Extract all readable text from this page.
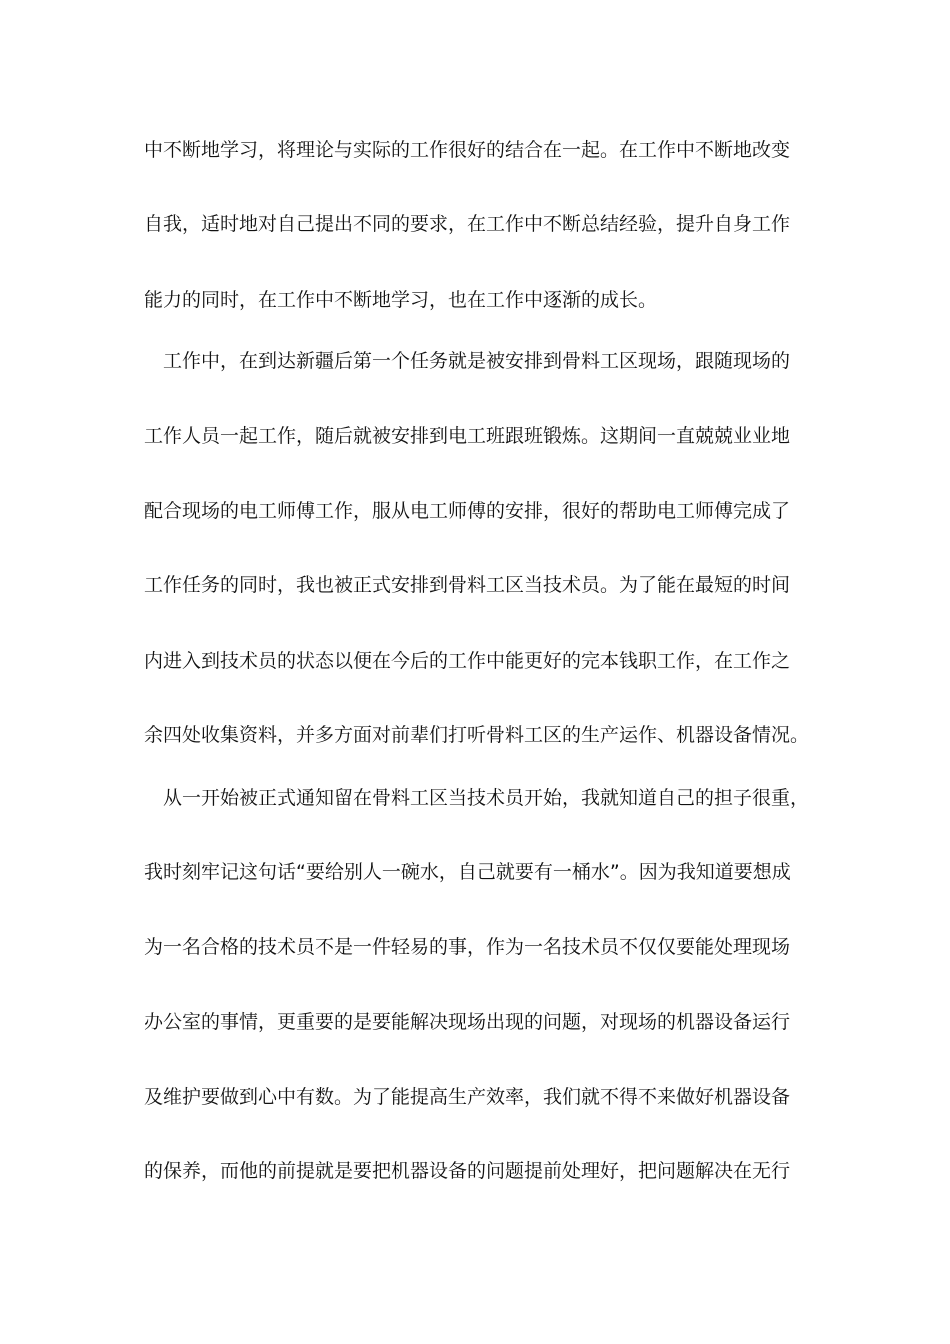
中不断地学习，将理论与实际的工作很好的结合在一起。在工作中不断地改变
自我，适时地对自己提出不同的要求，在工作中不断总结经验，提升自身工作
能力的同时，在工作中不断地学习，也在工作中逐渐的成长。
　工作中，在到达新疆后第一个任务就是被安排到骨料工区现场，跟随现场的
工作人员一起工作，随后就被安排到电工班跟班锻炼。这期间一直兢兢业业地
配合现场的电工师傅工作，服从电工师傅的安排，很好的帮助电工师傅完成了
工作任务的同时，我也被正式安排到骨料工区当技术员。为了能在最短的时间
内进入到技术员的状态以便在今后的工作中能更好的完本钱职工作，在工作之
余四处收集资料，并多方面对前辈们打听骨料工区的生产运作、机器设备情况。
　从一开始被正式通知留在骨料工区当技术员开始，我就知道自己的担子很重，
我时刻牢记这句话“要给别人一碗水，自己就要有一桶水”。因为我知道要想成
为一名合格的技术员不是一件轻易的事，作为一名技术员不仅仅要能处理现场
办公室的事情，更重要的是要能解决现场出现的问题，对现场的机器设备运行
及维护要做到心中有数。为了能提高生产效率，我们就不得不来做好机器设备
的保养，而他的前提就是要把机器设备的问题提前处理好，把问题解决在无行
